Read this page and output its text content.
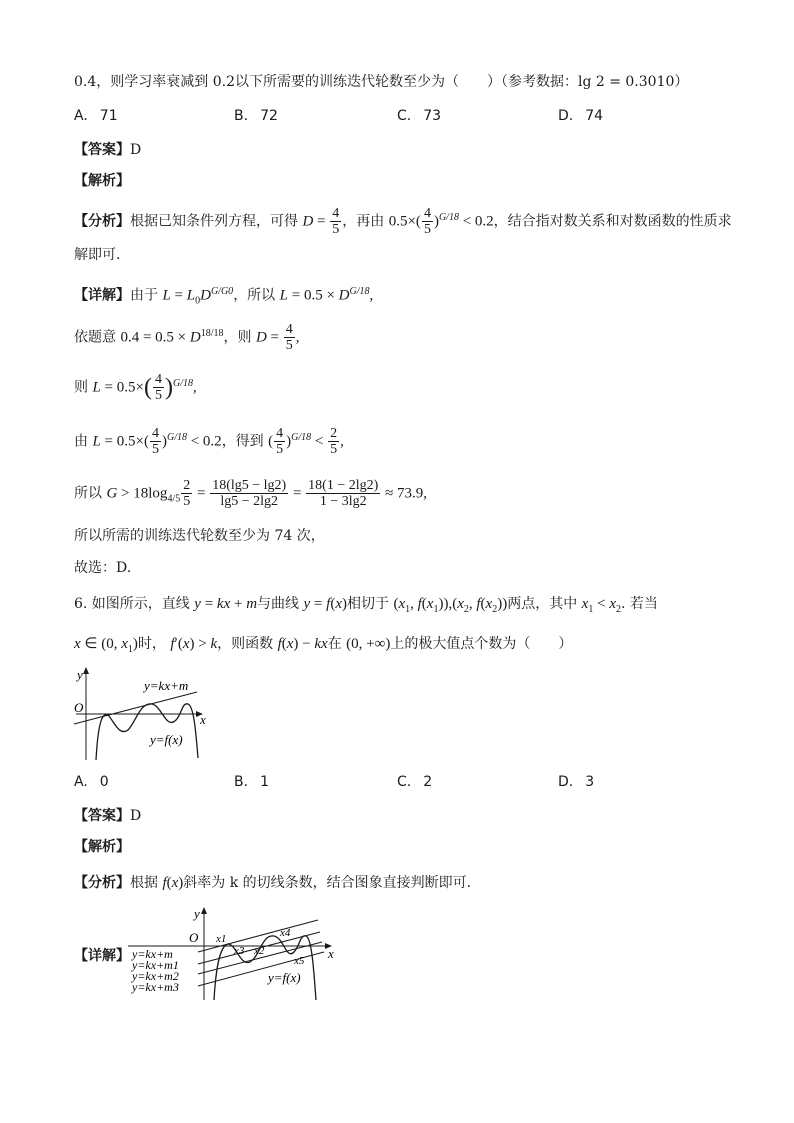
0.4，则学习率衰减到 0.2以下所需要的训练迭代轮数至少为（　　）（参考数据：lg 2 = 0.3010）
A. 71	B. 72	C. 73	D. 74
【答案】D
【解析】
【分析】根据已知条件列方程，可得 $D = \frac{4}{5}$ ，再由 $0.5\times( \frac{4}{5} )^{G/18} < 0.2$，结合指对数关系和对数函数的性质求
解即可.
【详解】由于 $L = L_0D^{G/G0}$，所以 $L = 0.5 \times D^{G/18}$,
依题意 $0.4 = 0.5 \times D^{18/18}$，则 $D = \frac{4}{5}$ ,
则 $L = 0.5\times( \frac{4}{5} )^{G/18}$,
由 $L = 0.5\times( \frac{4}{5} )^{G/18} < 0.2$，得到 ( $\frac{4}{5} )^{G/18} < \frac{2}{5}$ ,
所以 $G > 18\log_{4/5} \frac{2}{5} = \frac{18(\lg 5 - \lg 2)}{\lg 5 - 2\lg 2} = \frac{18(1 - 2\lg 2)}{1 - 3\lg 2} \approx 73.9$,
所以所需的训练迭代轮数至少为 74 次，
故选：D.
6. 如图所示，直线 y = kx + m与曲线 y = f(x)相切于 ($x_1$, $f(x_1)),(x_2$, $f(x_2)$)两点，其中 $x_1 < x_2$. 若当
x ∈ (0, $x_1$)时， f′(x) > k，则函数 f(x) − kx在 (0, +∞)上的极大值点个数为（　　）
y
O
x
y=kx+m
y=f(x)
A. 0	B. 1	C. 2	D. 3
【答案】D
【解析】
【分析】根据 f(x)斜率为 k 的切线条数，结合图象直接判断即可.
【详解】
y
O
x
x1
x2
x3
x4
x5
y=kx+m
y=kx+m1
y=kx+m2
y=kx+m3
y=f(x)
